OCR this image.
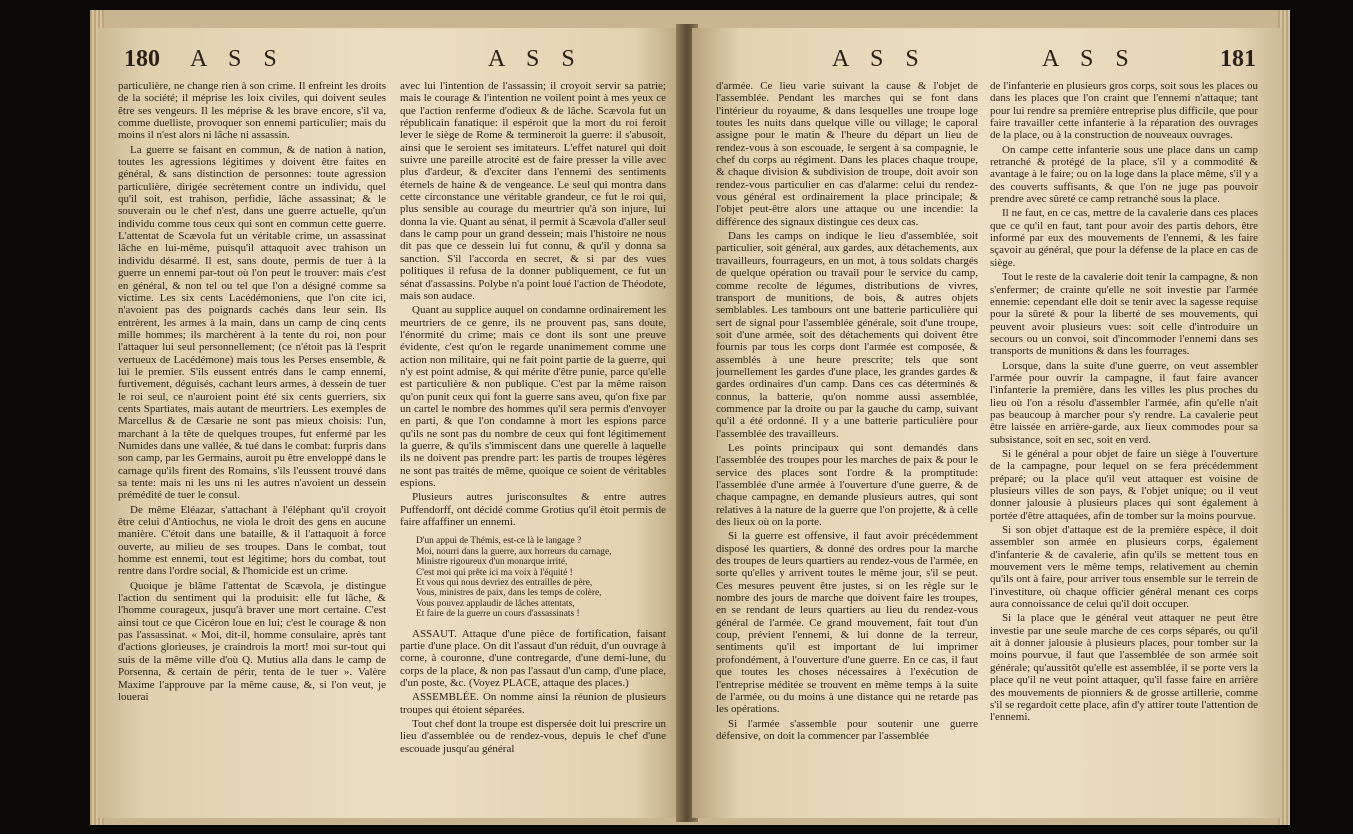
180 A S S	A S S

particulière, ne change rien à son crime. Il enfreint les droits de la société; il méprise les loix civiles, qui doivent seules être ses vengeurs. Il les méprise & les brave encore, s'il va, comme duelliste, provoquer son ennemi particulier; mais du moins il n'est alors ni lâche ni assassin.

La guerre se faisant en commun, & de nation à nation, toutes les agressions légitimes y doivent être faites en général, & sans distinction de personnes: toute agression particulière, dirigée secrètement contre un individu, quel qu'il soit, est trahison, perfidie, lâche assassinat; & le souverain ou le chef n'est, dans une guerre actuelle, qu'un individu comme tous ceux qui sont en commun cette guerre. L'attentat de Scævola fut un véritable crime, un assassinat lâche en lui-même, puisqu'il attaquoit avec trahison un individu désarmé. Il est, sans doute, permis de tuer à la guerre un ennemi par-tout où l'on peut le trouver: mais c'est en général, & non tel ou tel que l'on a désigné comme sa victime. Les six cents Lacédémoniens, que l'on cite ici, n'avoient pas des poignards cachés dans leur sein. Ils entrèrent, les armes à la main, dans un camp de cinq cents mille hommes; ils marchèrent à la tente du roi, non pour l'attaquer lui seul personnellement; (ce n'étoit pas là l'esprit vertueux de Lacédémone) mais tous les Perses ensemble, & lui le premier. S'ils eussent entrés dans le camp ennemi, furtivement, déguisés, cachant leurs armes, à dessein de tuer le roi seul, ce n'auroient point été six cents guerriers, six cents Spartiates, mais autant de meurtriers. Les exemples de Marcellus & de Cæsarie ne sont pas mieux choisis: l'un, marchant à la tête de quelques troupes, fut enfermé par les Numides dans une vallée, & tué dans le combat: furpris dans son camp, par les Germains, auroit pu être enveloppé dans le carnage qu'ils firent des Romains, s'ils l'eussent trouvé dans sa tente: mais ni les uns ni les autres n'avoient un dessein prémédité de tuer le consul.

De même Eléazar, s'attachant à l'éléphant qu'il croyoit être celui d'Antiochus, ne viola le droit des gens en aucune manière. C'étoit dans une bataille, & il l'attaquoit à force ouverte, au milieu de ses troupes. Dans le combat, tout homme est ennemi, tout est légitime; hors du combat, tout rentre dans l'ordre social, & l'homicide est un crime.

Quoique je blâme l'attentat de Scævola, je distingue l'action du sentiment qui la produisit: elle fut lâche, & l'homme courageux, jusqu'à braver une mort certaine. C'est ainsi tout ce que Cicéron loue en lui; c'est le courage & non pas l'assassinat. « Moi, dit-il, homme consulaire, après tant d'actions glorieuses, je craindrois la mort! moi sur-tout qui suis de la même ville d'où Q. Mutius alla dans le camp de Porsenna, & certain de périr, tenta de le tuer ». Valère Maxime l'approuve par la même cause, &, si l'on veut, je louerai

avec lui l'intention de l'assassin; il croyoit servir sa patrie; mais le courage & l'intention ne voilent point à mes yeux ce que l'action renferme d'odieux & de lâche. Scævola fut un républicain fanatique: il espéroit que la mort du roi feroit lever le siège de Rome & termineroit la guerre: il s'abusoit, ainsi que le seroient ses imitateurs. L'effet naturel qui doit suivre une pareille atrocité est de faire presser la ville avec plus d'ardeur, & d'exciter dans l'ennemi des sentiments éternels de haine & de vengeance. Le seul qui montra dans cette circonstance une véritable grandeur, ce fut le roi qui, plus sensible au courage du meurtrier qu'à son injure, lui donna la vie. Quant au sénat, il permit à Scævola d'aller seul dans le camp pour un grand dessein; mais l'histoire ne nous dit pas que ce dessein lui fut connu, & qu'il y donna sa sanction. S'il l'accorda en secret, & si par des vues politiques il refusa de la donner publiquement, ce fut un sénat d'assassins. Polybe n'a point loué l'action de Théodote, mais son audace.

Quant au supplice auquel on condamne ordinairement les meurtriers de ce genre, ils ne prouvent pas, sans doute, l'énormité du crime; mais ce dont ils sont une preuve évidente, c'est qu'on le regarde unanimement comme une action non militaire, qui ne fait point partie de la guerre, qui n'y est point admise, & qui mérite d'être punie, parce qu'elle est particulière & non publique. C'est par la même raison qu'on punit ceux qui font la guerre sans aveu, qu'on fixe par un cartel le nombre des hommes qu'il sera permis d'envoyer en parti, & que l'on condamne à mort les espions parce qu'ils ne sont pas du nombre de ceux qui font légitimement la guerre, & qu'ils s'immiscent dans une querelle à laquelle ils ne doivent pas prendre part: les partis de troupes légères ne sont pas traités de même, quoique ce soient de véritables espions.

Plusieurs autres jurisconsultes & entre autres Puffendorff, ont décidé comme Grotius qu'il étoit permis de faire affaffiner un ennemi.

D'un appui de Thémis, est-ce là le langage ?
Moi, nourri dans la guerre, aux horreurs du carnage,
Ministre rigoureux d'un monarque irrité,
C'est moi qui prête ici ma voix à l'équité !
Et vous qui nous devriez des entrailles de père,
Vous, ministres de paix, dans les temps de colère,
Vous pouvez applaudir de lâches attentats,
Et faire de la guerre un cours d'assassinats !

ASSAUT. Attaque d'une pièce de fortification, faisant partie d'une place. On dit l'assaut d'un réduit, d'un ouvrage à corne, à couronne, d'une contregarde, d'une demi-lune, du corps de la place, & non pas l'assaut d'un camp, d'une place, d'un poste, &c. (Voyez PLACE, attaque des places.)

ASSEMBLÉE. On nomme ainsi la réunion de plusieurs troupes qui étoient séparées.

Tout chef dont la troupe est dispersée doit lui prescrire un lieu d'assemblée ou de rendez-vous, depuis le chef d'une escouade jusqu'au général

A S S	A S S	181

d'armée. Ce lieu varie suivant la cause & l'objet de l'assemblée. Pendant les marches qui se font dans l'intérieur du royaume, & dans lesquelles une troupe loge toutes les nuits dans quelque ville ou village; le caporal assigne pour le matin & l'heure du départ un lieu de rendez-vous à son escouade, le sergent à sa compagnie, le chef du corps au régiment. Dans les places chaque troupe, & chaque division & subdivision de troupe, doit avoir son rendez-vous particulier en cas d'alarme: celui du rendez-vous général est ordinairement la place principale; & l'objet peut-être alors une attaque ou une incendie: la différence des signaux distingue ces deux cas.

Dans les camps on indique le lieu d'assemblée, soit particulier, soit général, aux gardes, aux détachements, aux travailleurs, fourrageurs, en un mot, à tous soldats chargés de quelque opération ou travail pour le service du camp, comme recolte de légumes, distributions de vivres, transport de munitions, de bois, & autres objets semblables. Les tambours ont une batterie particulière qui sert de signal pour l'assemblée générale, soit d'une troupe, soit d'une armée, soit des détachements qui doivent être fournis par tous les corps dont l'armée est composée, & assemblés à une heure prescrite; tels que sont journellement les gardes d'une place, les grandes gardes & gardes ordinaires d'un camp. Dans ces cas déterminés & connus, la batterie, qu'on nomme aussi assemblée, commence par la droite ou par la gauche du camp, suivant qu'il a été ordonné. Il y a une batterie particulière pour l'assemblée des travailleurs.

Les points principaux qui sont demandés dans l'assemblée des troupes pour les marches de paix & pour le service des places sont l'ordre & la promptitude: l'assemblée d'une armée à l'ouverture d'une guerre, & de chaque campagne, en demande plusieurs autres, qui sont relatives à la nature de la guerre que l'on projette, & à celle des lieux où on la porte.

Si la guerre est offensive, il faut avoir précédemment disposé les quartiers, & donné des ordres pour la marche des troupes de leurs quartiers au rendez-vous de l'armée, en sorte qu'elles y arrivent toutes le même jour, s'il se peut. Ces mesures peuvent être justes, si on les règle sur le nombre des jours de marche que doivent faire les troupes, en se rendant de leurs quartiers au lieu du rendez-vous général de l'armée. Ce grand mouvement, fait tout d'un coup, prévient l'ennemi, & lui donne de la terreur, sentiments qu'il est important de lui imprimer profondément, à l'ouverture d'une guerre. En ce cas, il faut que toutes les choses nécessaires à l'exécution de l'entreprise méditée se trouvent en même temps à la suite de l'armée, ou du moins à une distance qui ne retarde pas les opérations.

Si l'armée s'assemble pour soutenir une guerre défensive, on doit la commencer par l'assemblée

de l'infanterie en plusieurs gros corps, soit sous les places ou dans les places que l'on craint que l'ennemi n'attaque; tant pour lui rendre sa première entreprise plus difficile, que pour faire travailler cette infanterie à la réparation des ouvrages de la place, ou à la construction de nouveaux ouvrages.

On campe cette infanterie sous une place dans un camp retranché & protégé de la place, s'il y a commodité & avantage à le faire; ou on la loge dans la place même, s'il y a des couverts suffisants, & que l'on ne juge pas pouvoir prendre avec sûreté ce camp retranché sous la place.

Il ne faut, en ce cas, mettre de la cavalerie dans ces places que ce qu'il en faut, tant pour avoir des partis dehors, être informé par eux des mouvements de l'ennemi, & les faire sçavoir au général, que pour la défense de la place en cas de siège.

Tout le reste de la cavalerie doit tenir la campagne, & non s'enfermer; de crainte qu'elle ne soit investie par l'armée ennemie: cependant elle doit se tenir avec la sagesse requise pour la sûreté & pour la liberté de ses mouvements, qui peuvent avoir plusieurs vues: soit celle d'introduire un secours ou un convoi, soit d'incommoder l'ennemi dans ses transports de munitions & dans les fourrages.

Lorsque, dans la suite d'une guerre, on veut assembler l'armée pour ouvrir la campagne, il faut faire avancer l'infanterie la première, dans les villes les plus proches du lieu où l'on a résolu d'assembler l'armée, afin qu'elle n'ait pas beaucoup à marcher pour s'y rendre. La cavalerie peut être laissée en arrière-garde, aux lieux commodes pour sa subsistance, soit en sec, soit en verd.

Si le général a pour objet de faire un siège à l'ouverture de la campagne, pour lequel on se fera précédemment préparé; ou la place qu'il veut attaquer est voisine de plusieurs villes de son pays, & l'objet unique; ou il veut donner jalousie à plusieurs places qui sont également à portée d'être attaquées, afin de tomber sur la moins pourvue.

Si son objet d'attaque est de la première espèce, il doit assembler son armée en plusieurs corps, également d'infanterie & de cavalerie, afin qu'ils se mettent tous en mouvement vers le même temps, relativement au chemin qu'ils ont à faire, pour arriver tous ensemble sur le terrein de l'investiture, où chaque officier général menant ces corps aura connoissance de celui qu'il doit occuper.

Si la place que le général veut attaquer ne peut être investie par une seule marche de ces corps séparés, ou qu'il ait à donner jalousie à plusieurs places, pour tomber sur la moins pourvue, il faut que l'assemblée de son armée soit générale; qu'aussitôt qu'elle est assemblée, il se porte vers la place qu'il ne veut point attaquer, qu'il fasse faire en arrière des mouvements de pionniers & de grosse artillerie, comme s'il se regardoit cette place, afin d'y attirer toute l'attention de l'ennemi.
